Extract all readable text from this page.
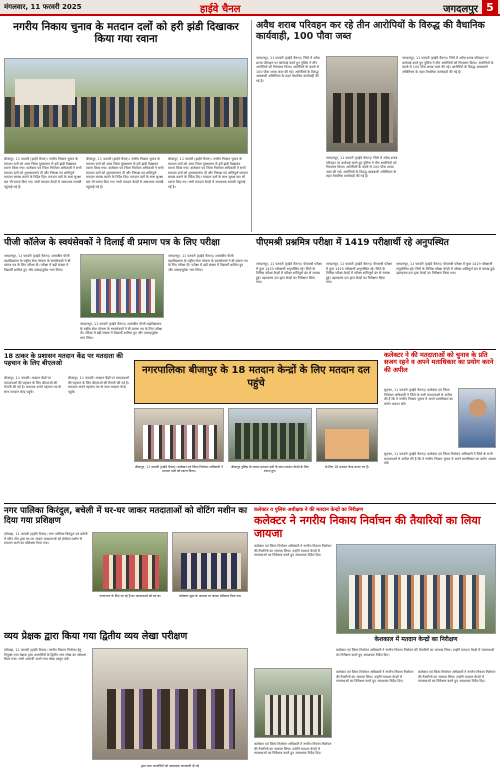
मंगलवार, 11 फरवरी 2025	हाईवे चैनल	जगदलपुर 5
नगरीय निकाय चुनाव के मतदान दलों को हरी झंडी दिखाकर किया गया रवाना
बीजापुर, 11 फरवरी (हाईवे चैनल)। नगरीय निकाय चुनाव के मतदान दलों को आज जिला मुख्यालय से हरी झंडी दिखाकर रवाना किया गया। कलेक्टर एवं जिला निर्वाचन अधिकारी ने सभी मतदान दलों को शुभकामनाएं दीं और निष्पक्ष एवं शांतिपूर्ण मतदान सम्पन्न कराने के निर्देश दिए। मतदान दलों के साथ सुरक्षा बल भी रवाना किए गए। सभी मतदान केन्द्रों में आवश्यक सामग्री पहुंचाई गई है।
बीजापुर, 11 फरवरी (हाईवे चैनल)। नगरीय निकाय चुनाव के मतदान दलों को आज जिला मुख्यालय से हरी झंडी दिखाकर रवाना किया गया। कलेक्टर एवं जिला निर्वाचन अधिकारी ने सभी मतदान दलों को शुभकामनाएं दीं और निष्पक्ष एवं शांतिपूर्ण मतदान सम्पन्न कराने के निर्देश दिए। मतदान दलों के साथ सुरक्षा बल भी रवाना किए गए। सभी मतदान केन्द्रों में आवश्यक सामग्री पहुंचाई गई है।
बीजापुर, 11 फरवरी (हाईवे चैनल)। नगरीय निकाय चुनाव के मतदान दलों को आज जिला मुख्यालय से हरी झंडी दिखाकर रवाना किया गया। कलेक्टर एवं जिला निर्वाचन अधिकारी ने सभी मतदान दलों को शुभकामनाएं दीं और निष्पक्ष एवं शांतिपूर्ण मतदान सम्पन्न कराने के निर्देश दिए। मतदान दलों के साथ सुरक्षा बल भी रवाना किए गए। सभी मतदान केन्द्रों में आवश्यक सामग्री पहुंचाई गई है।
अवैध शराब परिवहन कर रहे तीन आरोपियों के विरुद्ध की वैधानिक कार्यवाही, 100 पौवा जब्त
जगदलपुर, 11 फरवरी (हाईवे चैनल)। जिले में अवैध शराब परिवहन पर कार्रवाई करते हुए पुलिस ने तीन आरोपियों को गिरफ्तार किया। आरोपियों के कब्जे से 100 पौवा शराब जब्त की गई। आरोपियों के विरुद्ध आबकारी अधिनियम के तहत वैधानिक कार्यवाही की गई है।
जगदलपुर, 11 फरवरी (हाईवे चैनल)। जिले में अवैध शराब परिवहन पर कार्रवाई करते हुए पुलिस ने तीन आरोपियों को गिरफ्तार किया। आरोपियों के कब्जे से 100 पौवा शराब जब्त की गई। आरोपियों के विरुद्ध आबकारी अधिनियम के तहत वैधानिक कार्यवाही की गई है।
जगदलपुर, 11 फरवरी (हाईवे चैनल)। जिले में अवैध शराब परिवहन पर कार्रवाई करते हुए पुलिस ने तीन आरोपियों को गिरफ्तार किया। आरोपियों के कब्जे से 100 पौवा शराब जब्त की गई। आरोपियों के विरुद्ध आबकारी अधिनियम के तहत वैधानिक कार्यवाही की गई है।
पीजी कॉलेज के स्वयंसेवकों ने दिलाई वी प्रमाण पत्र के लिए परीक्षा
जगदलपुर, 11 फरवरी (हाईवे चैनल)। शासकीय पीजी महाविद्यालय के राष्ट्रीय सेवा योजना के स्वयंसेवकों ने बी प्रमाण पत्र के लिए परीक्षा दी। परीक्षा में बड़ी संख्या में विद्यार्थी शामिल हुए और उत्साहपूर्वक भाग लिया।
जगदलपुर, 11 फरवरी (हाईवे चैनल)। शासकीय पीजी महाविद्यालय के राष्ट्रीय सेवा योजना के स्वयंसेवकों ने बी प्रमाण पत्र के लिए परीक्षा दी। परीक्षा में बड़ी संख्या में विद्यार्थी शामिल हुए और उत्साहपूर्वक भाग लिया।
जगदलपुर, 11 फरवरी (हाईवे चैनल)। शासकीय पीजी महाविद्यालय के राष्ट्रीय सेवा योजना के स्वयंसेवकों ने बी प्रमाण पत्र के लिए परीक्षा दी। परीक्षा में बड़ी संख्या में विद्यार्थी शामिल हुए और उत्साहपूर्वक भाग लिया।
पीएमश्री प्रश्नमित्र परीक्षा में 1419 परीक्षार्थी रहे अनुपस्थित
जगदलपुर, 11 फरवरी (हाईवे चैनल)। पीएमश्री परीक्षा में कुल 1419 परीक्षार्थी अनुपस्थित रहे। जिले के विभिन्न परीक्षा केन्द्रों में परीक्षा शांतिपूर्ण ढंग से सम्पन्न हुई। उड़नदस्ता दल द्वारा केन्द्रों का निरीक्षण किया गया।
जगदलपुर, 11 फरवरी (हाईवे चैनल)। पीएमश्री परीक्षा में कुल 1419 परीक्षार्थी अनुपस्थित रहे। जिले के विभिन्न परीक्षा केन्द्रों में परीक्षा शांतिपूर्ण ढंग से सम्पन्न हुई। उड़नदस्ता दल द्वारा केन्द्रों का निरीक्षण किया गया।
जगदलपुर, 11 फरवरी (हाईवे चैनल)। पीएमश्री परीक्षा में कुल 1419 परीक्षार्थी अनुपस्थित रहे। जिले के विभिन्न परीक्षा केन्द्रों में परीक्षा शांतिपूर्ण ढंग से सम्पन्न हुई। उड़नदस्ता दल द्वारा केन्द्रों का निरीक्षण किया गया।
18 ठाकर के प्रशासन मतदान केंद्र पर मतदाता की पहचान के लिए बीएलओ
बीजापुर, 11 फरवरी। मतदान केंद्रों पर मतदाताओं की पहचान के लिए बीएलओ की तैनाती की गई है। मतदाता अपने पहचान पत्र के साथ मतदान केन्द्र पहुंचें।
बीजापुर, 11 फरवरी। मतदान केंद्रों पर मतदाताओं की पहचान के लिए बीएलओ की तैनाती की गई है। मतदाता अपने पहचान पत्र के साथ मतदान केन्द्र पहुंचें।
नगरपालिका बीजापुर के 18 मतदान केन्द्रों के लिए मतदान दल पहुंचे
बीजापुर, 11 फरवरी (हाईवे चैनल)। कलेक्टर एवं जिला निर्वाचन अधिकारी ने मतदान दलों को रवाना किया।
बीजापुर पुलिस के जवान मतदान दलों के साथ मतदान केन्द्रों के लिए रवाना हुए।
के लिए 18 मतदान केन्द्र बनाए गए हैं।
कलेक्टर ने की मतदाताओं को चुनाव के प्रति सजग रहने व अपने मताधिकार का प्रयोग करने की अपील
सुकमा, 11 फरवरी (हाईवे चैनल)। कलेक्टर एवं जिला निर्वाचन अधिकारी ने जिले के सभी मतदाताओं से अपील की है कि वे नगरीय निकाय चुनाव में अपने मताधिकार का प्रयोग अवश्य करें।
सुकमा, 11 फरवरी (हाईवे चैनल)। कलेक्टर एवं जिला निर्वाचन अधिकारी ने जिले के सभी मतदाताओं से अपील की है कि वे नगरीय निकाय चुनाव में अपने मताधिकार का प्रयोग अवश्य करें।
नगर पालिका किरंदुल, बचेली में घर-घर जाकर मतदाताओं को वोटिंग मशीन का दिया गया प्रशिक्षण
दंतेवाड़ा, 11 फरवरी (हाईवे चैनल)। नगर पालिका किरंदुल एवं बचेली में स्वीप टीम द्वारा घर-घर जाकर मतदाताओं को ईवीएम मशीन से मतदान करने का प्रशिक्षण दिया गया।
जनगणना के लिए जा रहे हैं घर मतदाताओं को घर-घर	कलेक्टर सुधा के आवास पर जाकर प्रशिक्षण दिया गया
व्यय प्रेक्षक द्वारा किया गया द्वितीय व्यय लेखा परीक्षण
दंतेवाड़ा, 11 फरवरी (हाईवे चैनल)। नगरीय निकाय निर्वाचन हेतु नियुक्त व्यय प्रेक्षक द्वारा अभ्यर्थियों के द्वितीय व्यय लेखा का परीक्षण किया गया। सभी अभ्यर्थी अपने व्यय लेखा प्रस्तुत करें।
द्वारा व्यय अभ्यर्थियों को आवश्यक जानकारी दी गई
कलेक्टर व पुलिस अधीक्षक ने की मतदान केन्द्रों का निरीक्षण
कलेक्टर ने नगरीय निकाय निर्वाचन की तैयारियों का लिया जायजा
कलेक्टर एवं जिला निर्वाचन अधिकारी ने नगरीय निकाय निर्वाचन की तैयारियों का जायजा लिया। उन्होंने मतदान केन्द्रों में व्यवस्थाओं का निरीक्षण करते हुए आवश्यक निर्देश दिए।
केशकाल में मतदान केन्द्रों का निरीक्षण
कलेक्टर एवं जिला निर्वाचन अधिकारी ने नगरीय निकाय निर्वाचन की तैयारियों का जायजा लिया। उन्होंने मतदान केन्द्रों में व्यवस्थाओं का निरीक्षण करते हुए आवश्यक निर्देश दिए।
कलेक्टर एवं जिला निर्वाचन अधिकारी ने नगरीय निकाय निर्वाचन की तैयारियों का जायजा लिया। उन्होंने मतदान केन्द्रों में व्यवस्थाओं का निरीक्षण करते हुए आवश्यक निर्देश दिए।
कलेक्टर एवं जिला निर्वाचन अधिकारी ने नगरीय निकाय निर्वाचन की तैयारियों का जायजा लिया। उन्होंने मतदान केन्द्रों में व्यवस्थाओं का निरीक्षण करते हुए आवश्यक निर्देश दिए।
कलेक्टर एवं जिला निर्वाचन अधिकारी ने नगरीय निकाय निर्वाचन की तैयारियों का जायजा लिया। उन्होंने मतदान केन्द्रों में व्यवस्थाओं का निरीक्षण करते हुए आवश्यक निर्देश दिए।
